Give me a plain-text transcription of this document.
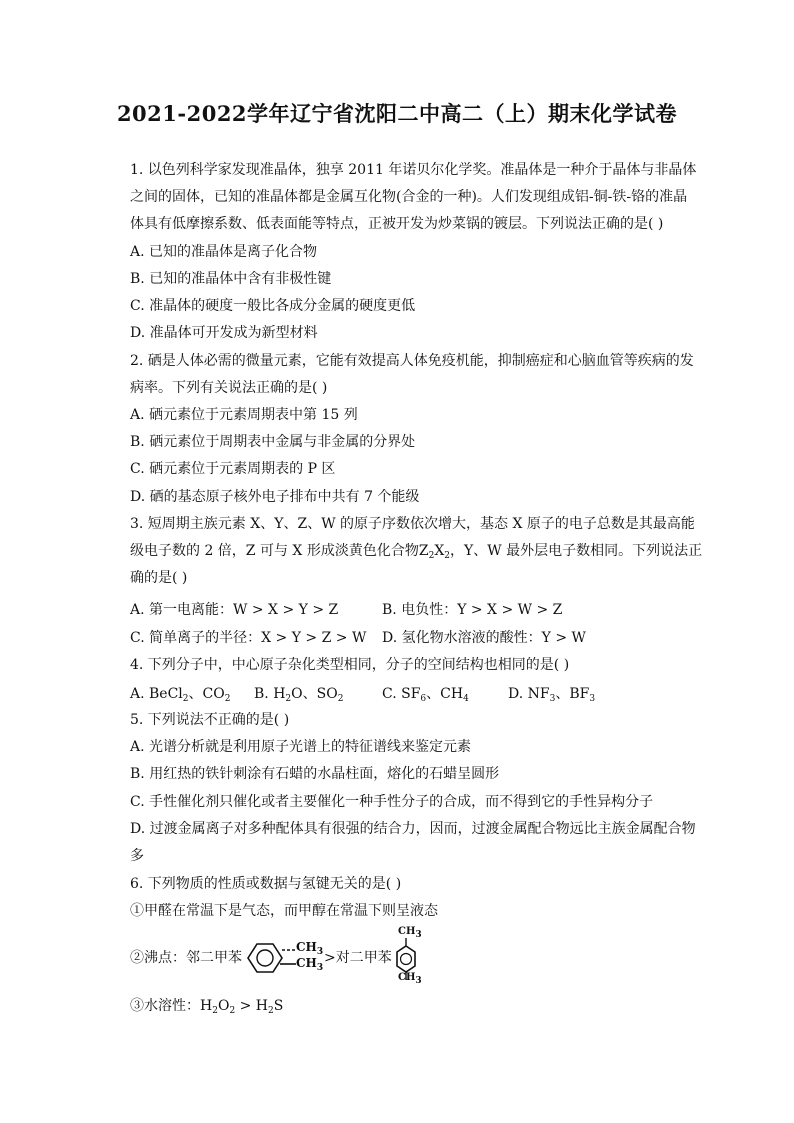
2021-2022学年辽宁省沈阳二中高二（上）期末化学试卷
1. 以色列科学家发现准晶体，独享 2011 年诺贝尔化学奖。准晶体是一种介于晶体与非晶体
之间的固体，已知的准晶体都是金属互化物(合金的一种)。人们发现组成铝-铜-铁-铬的准晶
体具有低摩擦系数、低表面能等特点，正被开发为炒菜锅的镀层。下列说法正确的是( )
A. 已知的准晶体是离子化合物
B. 已知的准晶体中含有非极性键
C. 准晶体的硬度一般比各成分金属的硬度更低
D. 准晶体可开发成为新型材料
2. 硒是人体必需的微量元素，它能有效提高人体免疫机能，抑制癌症和心脑血管等疾病的发
病率。下列有关说法正确的是( )
A. 硒元素位于元素周期表中第 15 列
B. 硒元素位于周期表中金属与非金属的分界处
C. 硒元素位于元素周期表的 P 区
D. 硒的基态原子核外电子排布中共有 7 个能级
3. 短周期主族元素 X、Y、Z、W 的原子序数依次增大，基态 X 原子的电子总数是其最高能
级电子数的 2 倍，Z 可与 X 形成淡黄色化合物$Z_2X_2$，Y、W 最外层电子数相同。下列说法正
确的是( )
A. 第一电离能：W > X > Y > Z	B. 电负性：Y > X > W > Z
C. 简单离子的半径：X > Y > Z > W D. 氢化物水溶液的酸性：Y > W
4. 下列分子中，中心原子杂化类型相同，分子的空间结构也相同的是( )
A. BeCl$_2$、$CO_2$ B. $H_2O$、$SO_2$	C. $SF_6$、$CH_4$	D. $NF_3$、$BF_3$
5. 下列说法不正确的是( )
A. 光谱分析就是利用原子光谱上的特征谱线来鉴定元素
B. 用红热的铁针刺涂有石蜡的水晶柱面，熔化的石蜡呈圆形
C. 手性催化剂只催化或者主要催化一种手性分子的合成，而不得到它的手性异构分子
D. 过渡金属离子对多种配体具有很强的结合力，因而，过渡金属配合物远比主族金属配合物
多
6. 下列物质的性质或数据与氢键无关的是( )
①甲醛在常温下是气态，而甲醇在常温下则呈液态
②沸点：邻二甲苯
$CH_3$
$CH_3$
>对二甲苯
$CH_3$
$CH_3$
③水溶性：$H_2O_2 > H_2S$
